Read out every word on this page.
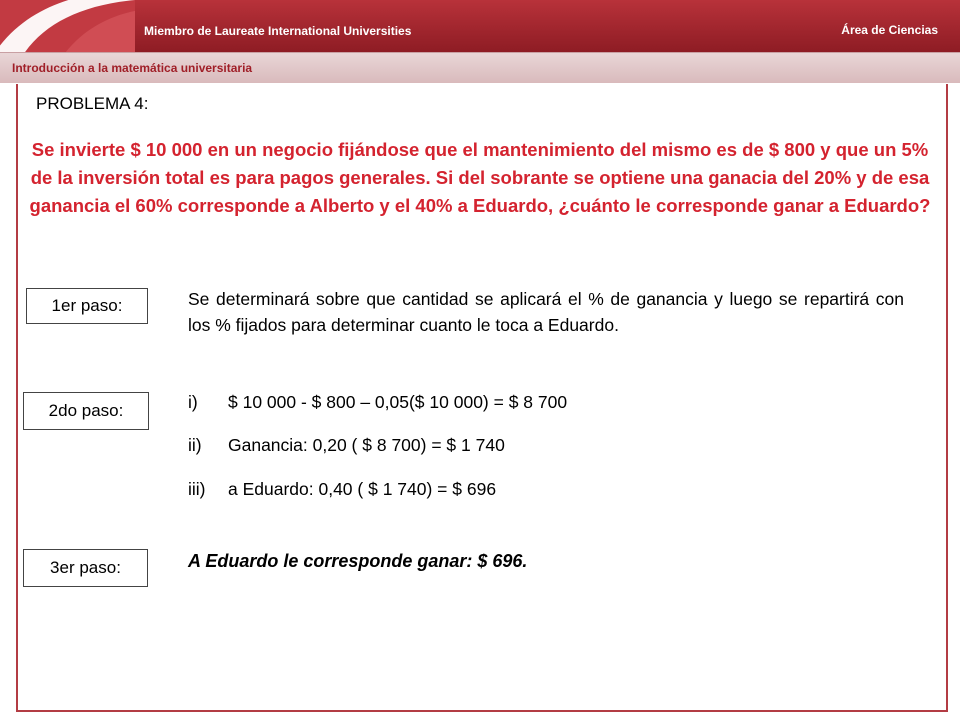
Miembro de Laureate International Universities	Área de Ciencias
Introducción a la matemática universitaria
PROBLEMA 4:
Se invierte $ 10 000 en un negocio fijándose que el mantenimiento del mismo es de $ 800 y que un 5% de la inversión total es para pagos generales. Si del sobrante se optiene una ganacia del 20% y de esa ganancia el 60% corresponde a Alberto y el 40% a Eduardo, ¿cuánto le corresponde ganar a Eduardo?
1er paso:	Se determinará sobre que cantidad se aplicará el % de ganancia y luego se repartirá con los % fijados para determinar cuanto le toca a Eduardo.
2do paso:	i) $ 10 000 - $ 800 – 0,05($ 10 000) = $ 8 700
ii) Ganancia: 0,20 ( $ 8 700) = $ 1 740
iii) a Eduardo: 0,40 ( $ 1 740) = $ 696
3er paso:	A Eduardo le corresponde ganar: $ 696.
